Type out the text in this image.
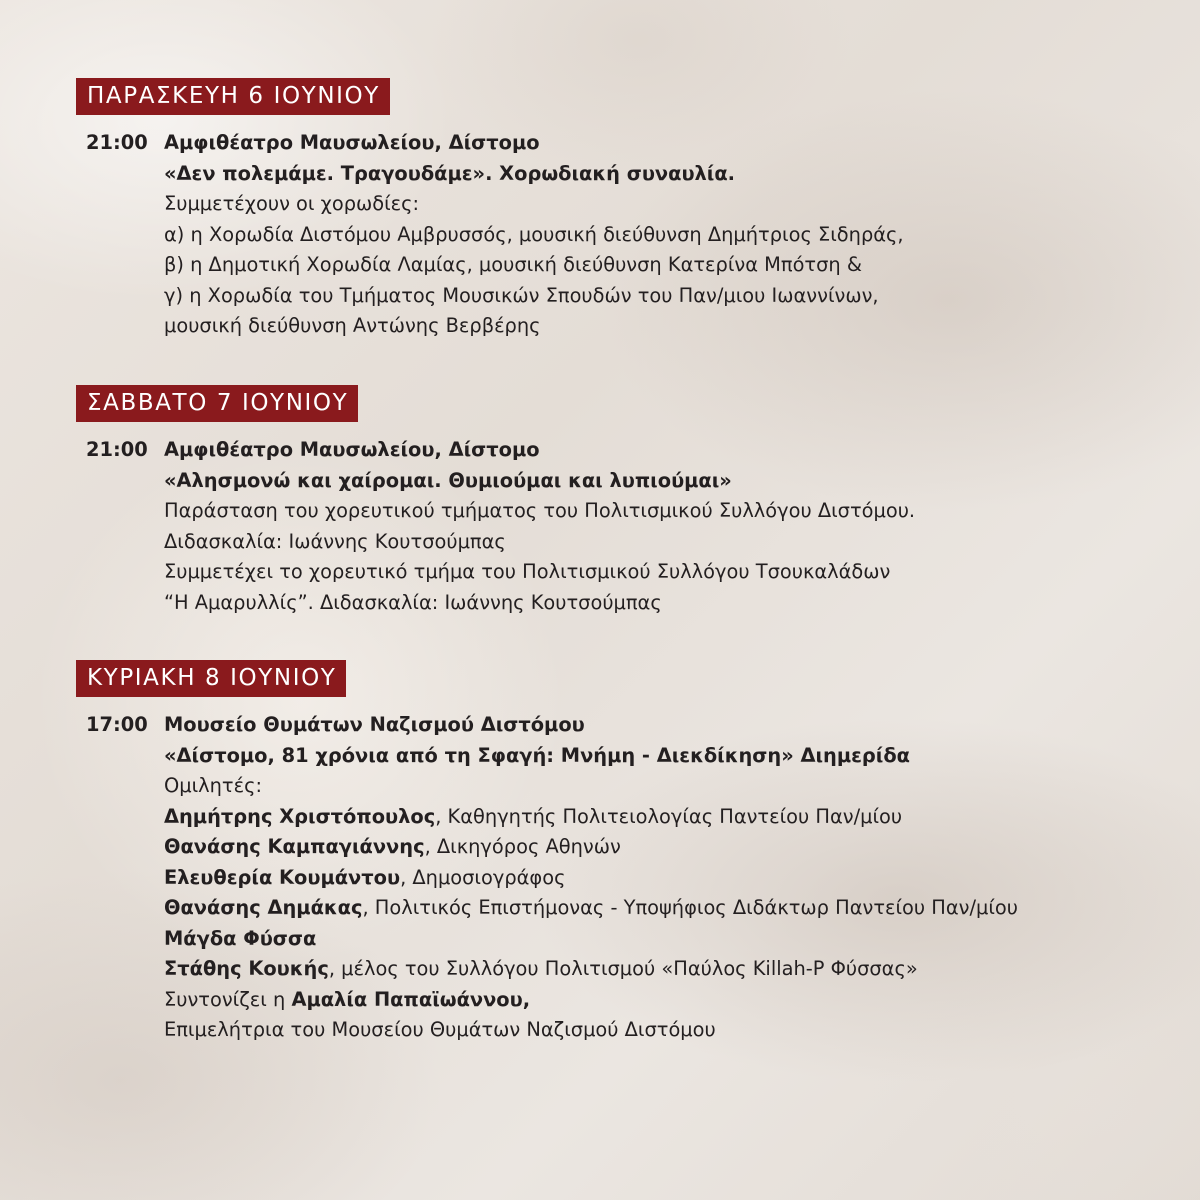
ΠΑΡΑΣΚΕΥΗ 6 ΙΟΥΝΙΟΥ
21:00 Αμφιθέατρο Μαυσωλείου, Δίστομο
«Δεν πολεμάμε. Τραγουδάμε». Χορωδιακή συναυλία.
Συμμετέχουν οι χορωδίες:
α) η Χορωδία Διστόμου Αμβρυσσός, μουσική διεύθυνση Δημήτριος Σιδηράς,
β) η Δημοτική Χορωδία Λαμίας, μουσική διεύθυνση Κατερίνα Μπότση &
γ) η Χορωδία του Τμήματος Μουσικών Σπουδών του Παν/μιου Ιωαννίνων,
μουσική διεύθυνση Αντώνης Βερβέρης
ΣΑΒΒΑΤΟ 7 ΙΟΥΝΙΟΥ
21:00 Αμφιθέατρο Μαυσωλείου, Δίστομο
«Αλησμονώ και χαίρομαι. Θυμιούμαι και λυπιούμαι»
Παράσταση του χορευτικού τμήματος του Πολιτισμικού Συλλόγου Διστόμου.
Διδασκαλία: Ιωάννης Κουτσούμπας
Συμμετέχει το χορευτικό τμήμα του Πολιτισμικού Συλλόγου Τσουκαλάδων
“Η Αμαρυλλίς”. Διδασκαλία: Ιωάννης Κουτσούμπας
ΚΥΡΙΑΚΗ 8 ΙΟΥΝΙΟΥ
17:00 Μουσείο Θυμάτων Ναζισμού Διστόμου
«Δίστομο, 81 χρόνια από τη Σφαγή: Μνήμη - Διεκδίκηση» Διημερίδα
Ομιλητές:
Δημήτρης Χριστόπουλος, Καθηγητής Πολιτειολογίας Παντείου Παν/μίου
Θανάσης Καμπαγιάννης, Δικηγόρος Αθηνών
Ελευθερία Κουμάντου, Δημοσιογράφος
Θανάσης Δημάκας, Πολιτικός Επιστήμονας - Υποψήφιος Διδάκτωρ Παντείου Παν/μίου
Μάγδα Φύσσα
Στάθης Κουκής, μέλος του Συλλόγου Πολιτισμού «Παύλος Killah-P Φύσσας»
Συντονίζει η Αμαλία Παπαϊωάννου,
Επιμελήτρια του Μουσείου Θυμάτων Ναζισμού Διστόμου
